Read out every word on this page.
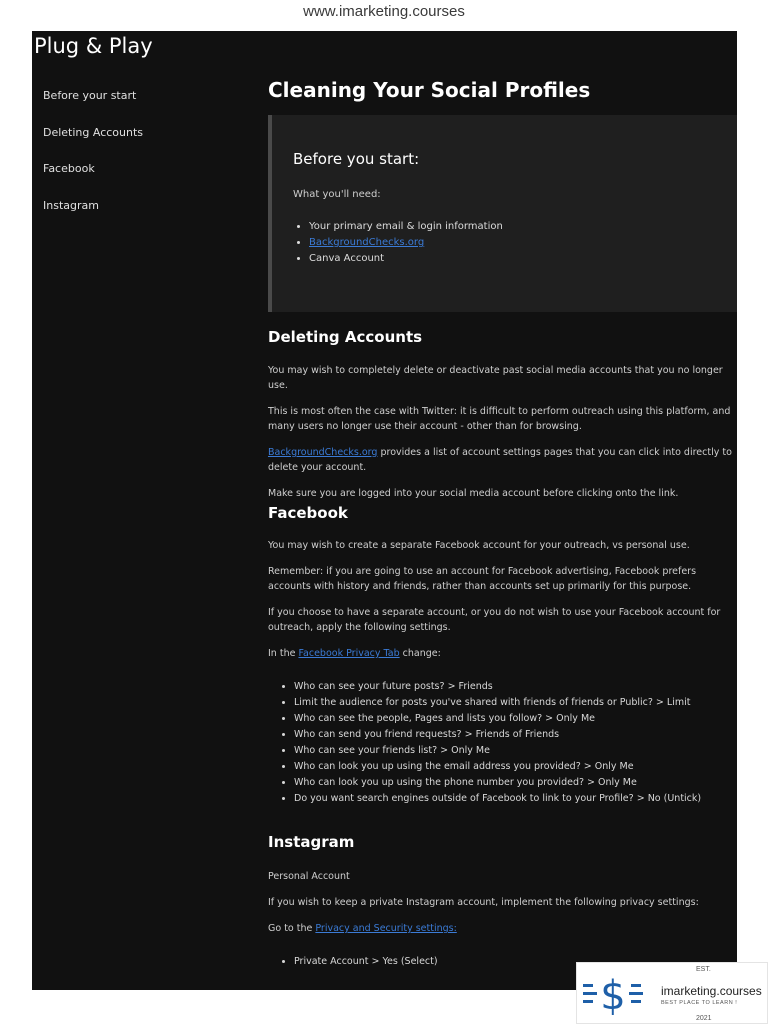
www.imarketing.courses
Plug & Play
Before your start
Deleting Accounts
Facebook
Instagram
Cleaning Your Social Profiles
Before you start:
What you'll need:
• Your primary email & login information
• BackgroundChecks.org
• Canva Account
Deleting Accounts

You may wish to completely delete or deactivate past social media accounts that you no longer use.

This is most often the case with Twitter: it is difficult to perform outreach using this platform, and many users no longer use their account - other than for browsing.

BackgroundChecks.org provides a list of account settings pages that you can click into directly to delete your account.

Make sure you are logged into your social media account before clicking onto the link.

Facebook

You may wish to create a separate Facebook account for your outreach, vs personal use.

Remember: if you are going to use an account for Facebook advertising, Facebook prefers accounts with history and friends, rather than accounts set up primarily for this purpose.

If you choose to have a separate account, or you do not wish to use your Facebook account for outreach, apply the following settings.

In the Facebook Privacy Tab change:

• Who can see your future posts? > Friends
• Limit the audience for posts you've shared with friends of friends or Public? > Limit
• Who can see the people, Pages and lists you follow? > Only Me
• Who can send you friend requests? > Friends of Friends
• Who can see your friends list? > Only Me
• Who can look you up using the email address you provided? > Only Me
• Who can look you up using the phone number you provided? > Only Me
• Do you want search engines outside of Facebook to link to your Profile? > No (Untick)
Instagram

Personal Account

If you wish to keep a private Instagram account, implement the following privacy settings:

Go to the Privacy and Security settings:

• Private Account > Yes (Select)
$
EST.
imarketing.courses
BEST PLACE TO LEARN !
2021
